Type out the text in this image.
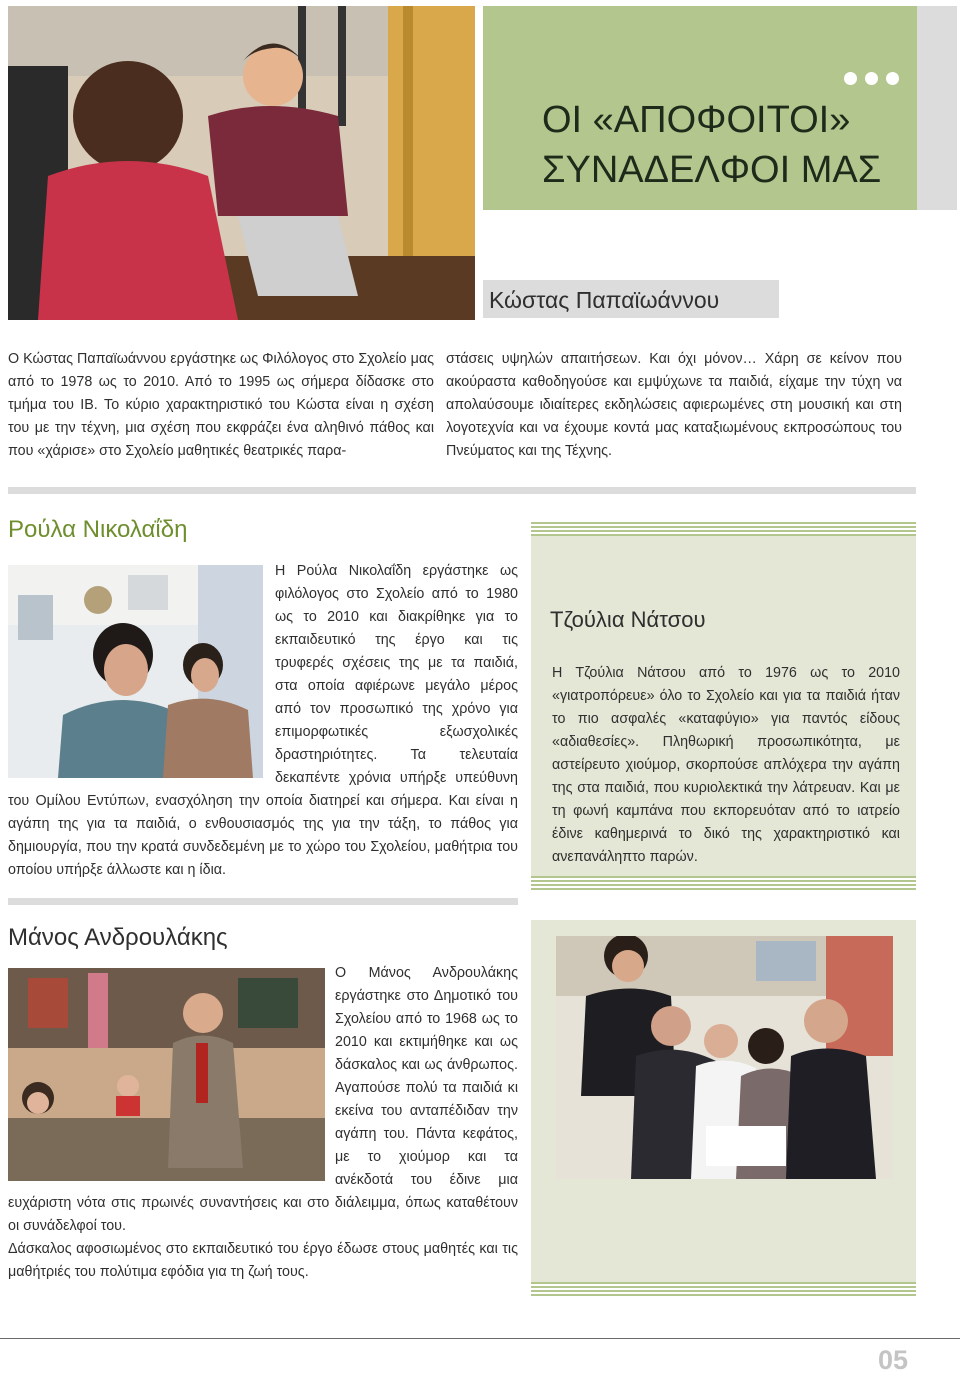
ΟΙ «ΑΠΟΦΟΙΤΟΙ»
ΣΥΝΑΔΕΛΦΟΙ ΜΑΣ
Κώστας Παπαϊωάννου
Ο Κώστας Παπαϊωάννου εργάστηκε ως Φιλόλογος στο Σχολείο μας από το 1978 ως το 2010. Από το 1995 ως σήμερα δίδασκε στο τμήμα του IB. Το κύριο χαρακτηριστικό του Κώστα είναι η σχέση του με την τέχνη, μια σχέση που εκφράζει ένα αληθινό πάθος και που «χάρισε» στο Σχολείο μαθητικές θεατρικές παρα-
στάσεις υψηλών απαιτήσεων. Και όχι μόνον… Χάρη σε κείνον που ακούραστα καθοδηγούσε και εμψύχωνε τα παιδιά, είχαμε την τύχη να απολαύσουμε ιδιαίτερες εκδηλώσεις αφιερωμένες στη μουσική και στη λογοτεχνία και να έχουμε κοντά μας καταξιωμένους εκπροσώπους του Πνεύματος και της Τέχνης.
Ρούλα Νικολαΐδη
Η Ρούλα Νικολαΐδη εργάστηκε ως φιλόλογος στο Σχολείο από το 1980 ως το 2010 και διακρίθηκε για το εκπαιδευτικό της έργο και τις τρυφερές σχέσεις της με τα παιδιά, στα οποία αφιέρωνε μεγάλο μέρος από τον προσωπικό της χρόνο για επιμορφωτικές εξωσχολικές δραστηριότητες. Τα τελευταία δεκαπέντε χρόνια υπήρξε υπεύθυνη του Ομίλου Εντύπων, ενασχόληση την οποία διατηρεί και σήμερα. Και είναι η αγάπη της για τα παιδιά, ο ενθουσιασμός της για την τάξη, το πάθος για δημιουργία, που την κρατά συνδεδεμένη με το χώρο του Σχολείου, μαθήτρια του οποίου υπήρξε άλλωστε και η ίδια.
Τζούλια Νάτσου
Η Τζούλια Νάτσου από το 1976 ως το 2010 «γιατροπόρευε» όλο το Σχολείο και για τα παιδιά ήταν το πιο ασφαλές «καταφύγιο» για παντός είδους «αδιαθεσίες». Πληθωρική προσωπικότητα, με αστείρευτο χιούμορ, σκορπούσε απλόχερα την αγάπη της στα παιδιά, που κυριολεκτικά την λάτρευαν. Και με τη φωνή καμπάνα που εκπορευόταν από το ιατρείο έδινε καθημερινά το δικό της χαρακτηριστικό και ανεπανάληπτο παρών.
Μάνος Ανδρουλάκης
Ο Μάνος Ανδρουλάκης εργάστηκε στο Δημοτικό του Σχολείου από το 1968 ως το 2010 και εκτιμήθηκε και ως δάσκαλος και ως άνθρωπος. Αγαπούσε πολύ τα παιδιά κι εκείνα του ανταπέδιδαν την αγάπη του. Πάντα κεφάτος, με το χιούμορ και τα ανέκδοτά του έδινε μια ευχάριστη νότα στις πρωινές συναντήσεις και στο διάλειμμα, όπως καταθέτουν οι συνάδελφοί του.
Δάσκαλος αφοσιωμένος στο εκπαιδευτικό του έργο έδωσε στους μαθητές και τις μαθήτριές του πολύτιμα εφόδια για τη ζωή τους.
05
